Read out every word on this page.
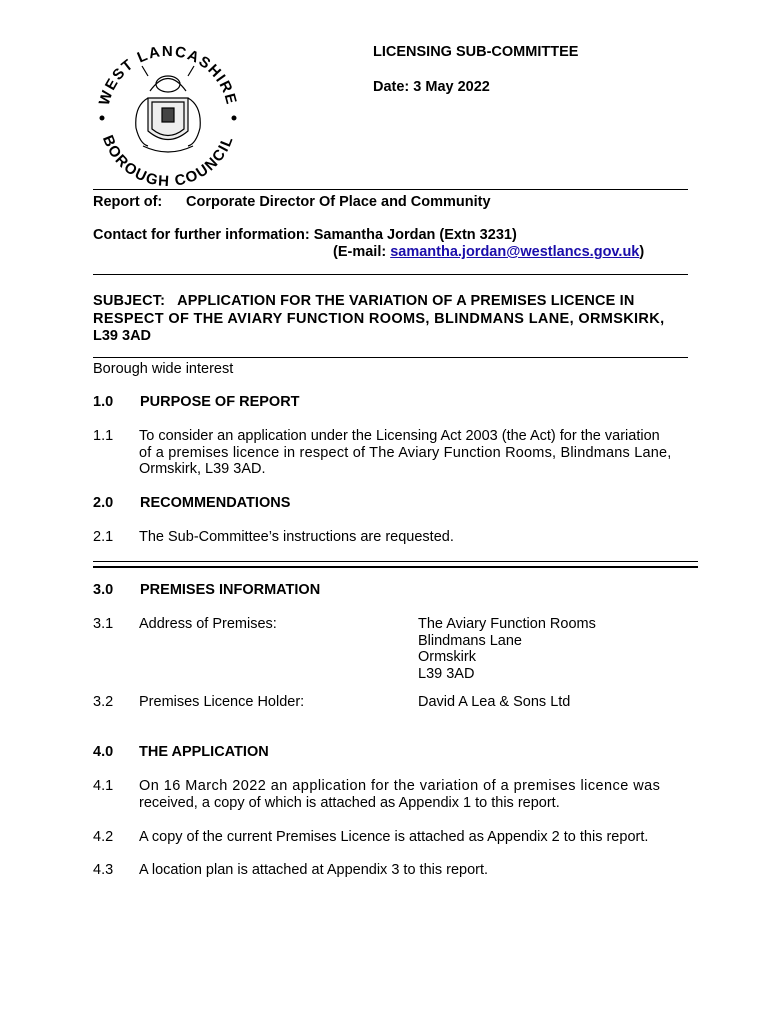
WEST LANCASHIRE
BOROUGH COUNCIL
LICENSING SUB-COMMITTEE
Date: 3 May 2022
Report of: Corporate Director Of Place and Community
Contact for further information: Samantha Jordan (Extn 3231)
(E-mail: samantha.jordan@westlancs.gov.uk)
SUBJECT:   APPLICATION FOR THE VARIATION OF A PREMISES LICENCE IN
RESPECT OF THE AVIARY FUNCTION ROOMS, BLINDMANS LANE, ORMSKIRK,
L39 3AD
Borough wide interest
1.0 PURPOSE OF REPORT
1.1 To consider an application under the Licensing Act 2003 (the Act) for the variation
of a premises licence in respect of The Aviary Function Rooms, Blindmans Lane,
Ormskirk, L39 3AD.
2.0 RECOMMENDATIONS
2.1 The Sub-Committee’s instructions are requested.
3.0 PREMISES INFORMATION
3.1 Address of Premises:	The Aviary Function Rooms
Blindmans Lane
Ormskirk
L39 3AD
3.2 Premises Licence Holder:	David A Lea & Sons Ltd
4.0 THE APPLICATION
4.1 On 16 March 2022 an application for the variation of a premises licence was
received, a copy of which is attached as Appendix 1 to this report.
4.2 A copy of the current Premises Licence is attached as Appendix 2 to this report.
4.3 A location plan is attached at Appendix 3 to this report.
